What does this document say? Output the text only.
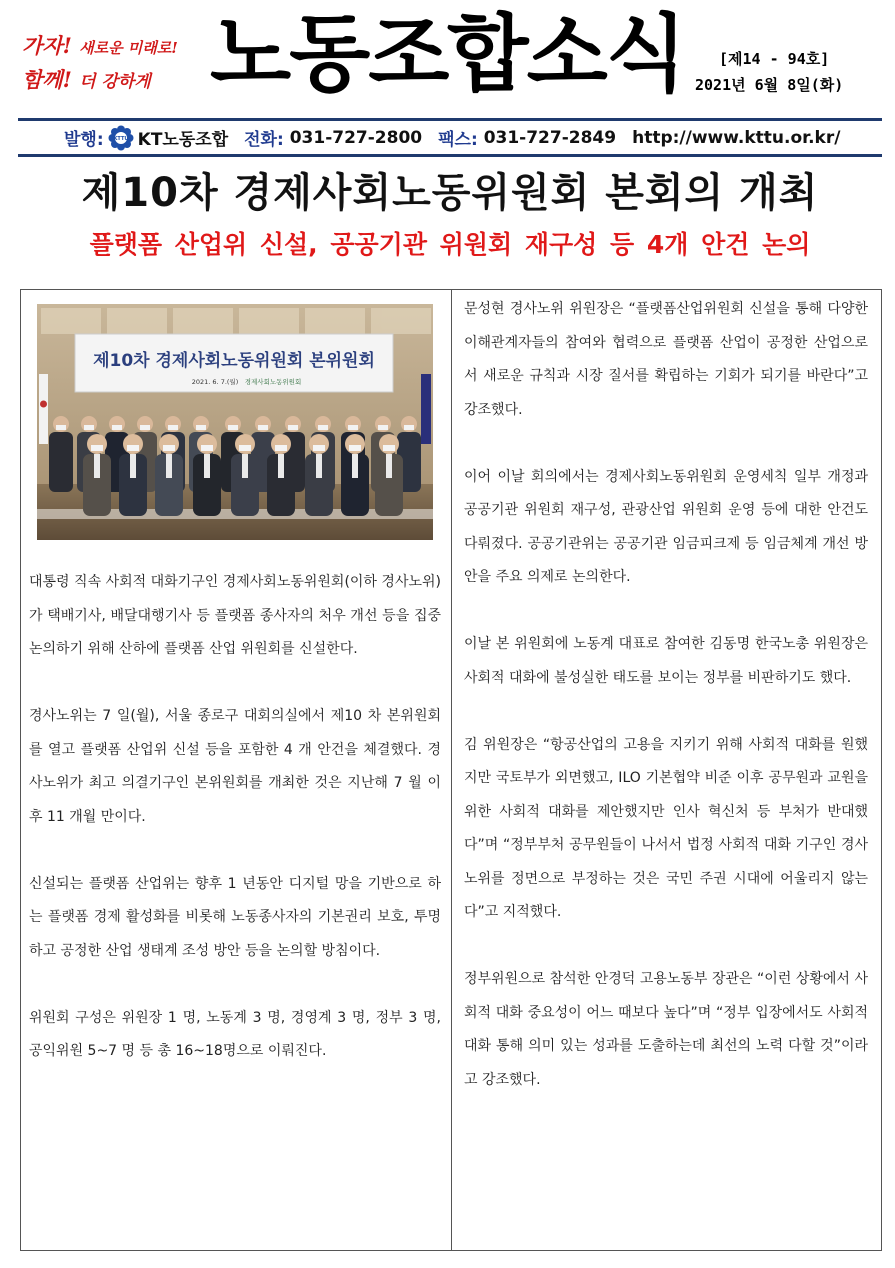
가자! 새로운 미래로!
함께! 더 강하게 노동조합소식	[제14 - 94호]
2021년 6월 8일(화)
발행: KTTU KT노동조합 전화:
031-727-2800 팩스:
031-727-2849 http://www.kttu.or.kr/
제10차 경제사회노동위원회 본회의 개최
플랫폼 산업위 신설, 공공기관 위원회 재구성 등 4개 안건 논의
제10차 경제사회노동위원회 본위원회
2021. 6. 7.(월) 경제사회노동위원회

대통령 직속 사회적 대화기구인 경제사회노동위원회(이하 경사노위)가 택배기사, 배달대행기사 등 플랫폼 종사자의 처우 개선 등을 집중 논의하기 위해 산하에 플랫폼 산업 위원회를 신설한다.

경사노위는 7 일(월), 서울 종로구 대회의실에서 제10 차 본위원회를 열고 플랫폼 산업위 신설 등을 포함한 4 개 안건을 체결했다. 경사노위가 최고 의결기구인 본위원회를 개최한 것은 지난해 7 월 이후 11 개월 만이다.

신설되는 플랫폼 산업위는 향후 1 년동안 디지털 망을 기반으로 하는 플랫폼 경제 활성화를 비롯해 노동종사자의 기본권리 보호, 투명하고 공정한 산업 생태계 조성 방안 등을 논의할 방침이다.

위원회 구성은 위원장 1 명, 노동계 3 명, 경영계 3 명, 정부 3 명, 공익위원 5~7 명 등 총 16~18명으로 이뤄진다.

문성현 경사노위 위원장은 “플랫폼산업위원회 신설을 통해 다양한 이해관계자들의 참여와 협력으로 플랫폼 산업이 공정한 산업으로서 새로운 규칙과 시장 질서를 확립하는 기회가 되기를 바란다”고 강조했다.

이어 이날 회의에서는 경제사회노동위원회 운영세칙 일부 개정과 공공기관 위원회 재구성, 관광산업 위원회 운영 등에 대한 안건도 다뤄졌다. 공공기관위는 공공기관 임금피크제 등 임금체계 개선 방안을 주요 의제로 논의한다.

이날 본 위원회에 노동계 대표로 참여한 김동명 한국노총 위원장은 사회적 대화에 불성실한 태도를 보이는 정부를 비판하기도 했다.

김 위원장은 “항공산업의 고용을 지키기 위해 사회적 대화를 원했지만 국토부가 외면했고, ILO 기본협약 비준 이후 공무원과 교원을 위한 사회적 대화를 제안했지만 인사 혁신처 등 부처가 반대했다”며 “정부부처 공무원들이 나서서 법정 사회적 대화 기구인 경사노위를 정면으로 부정하는 것은 국민 주권 시대에 어울리지 않는다”고 지적했다.

정부위원으로 참석한 안경덕 고용노동부 장관은 “이런 상황에서 사회적 대화 중요성이 어느 때보다 높다”며 “정부 입장에서도 사회적 대화 통해 의미 있는 성과를 도출하는데 최선의 노력 다할 것”이라고 강조했다.
